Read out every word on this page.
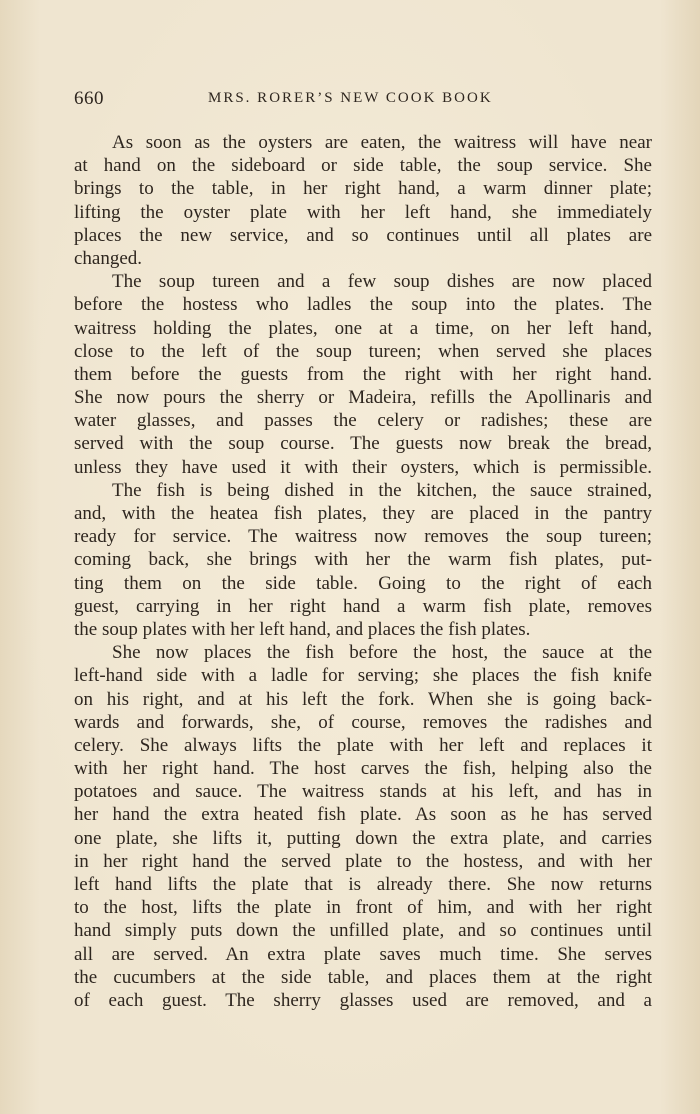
660	MRS. RORER’S NEW COOK BOOK
As soon as the oysters are eaten, the waitress will have near
at hand on the sideboard or side table, the soup service. She
brings to the table, in her right hand, a warm dinner plate;
lifting the oyster plate with her left hand, she immediately
places the new service, and so continues until all plates are
changed.
The soup tureen and a few soup dishes are now placed
before the hostess who ladles the soup into the plates. The
waitress holding the plates, one at a time, on her left hand,
close to the left of the soup tureen; when served she places
them before the guests from the right with her right hand.
She now pours the sherry or Madeira, refills the Apollinaris and
water glasses, and passes the celery or radishes; these are
served with the soup course. The guests now break the bread,
unless they have used it with their oysters, which is permissible.
The fish is being dished in the kitchen, the sauce strained,
and, with the heatea fish plates, they are placed in the pantry
ready for service. The waitress now removes the soup tureen;
coming back, she brings with her the warm fish plates, put-
ting them on the side table. Going to the right of each
guest, carrying in her right hand a warm fish plate, removes
the soup plates with her left hand, and places the fish plates.
She now places the fish before the host, the sauce at the
left-hand side with a ladle for serving; she places the fish knife
on his right, and at his left the fork. When she is going back-
wards and forwards, she, of course, removes the radishes and
celery. She always lifts the plate with her left and replaces it
with her right hand. The host carves the fish, helping also the
potatoes and sauce. The waitress stands at his left, and has in
her hand the extra heated fish plate. As soon as he has served
one plate, she lifts it, putting down the extra plate, and carries
in her right hand the served plate to the hostess, and with her
left hand lifts the plate that is already there. She now returns
to the host, lifts the plate in front of him, and with her right
hand simply puts down the unfilled plate, and so continues until
all are served. An extra plate saves much time. She serves
the cucumbers at the side table, and places them at the right
of each guest. The sherry glasses used are removed, and a
